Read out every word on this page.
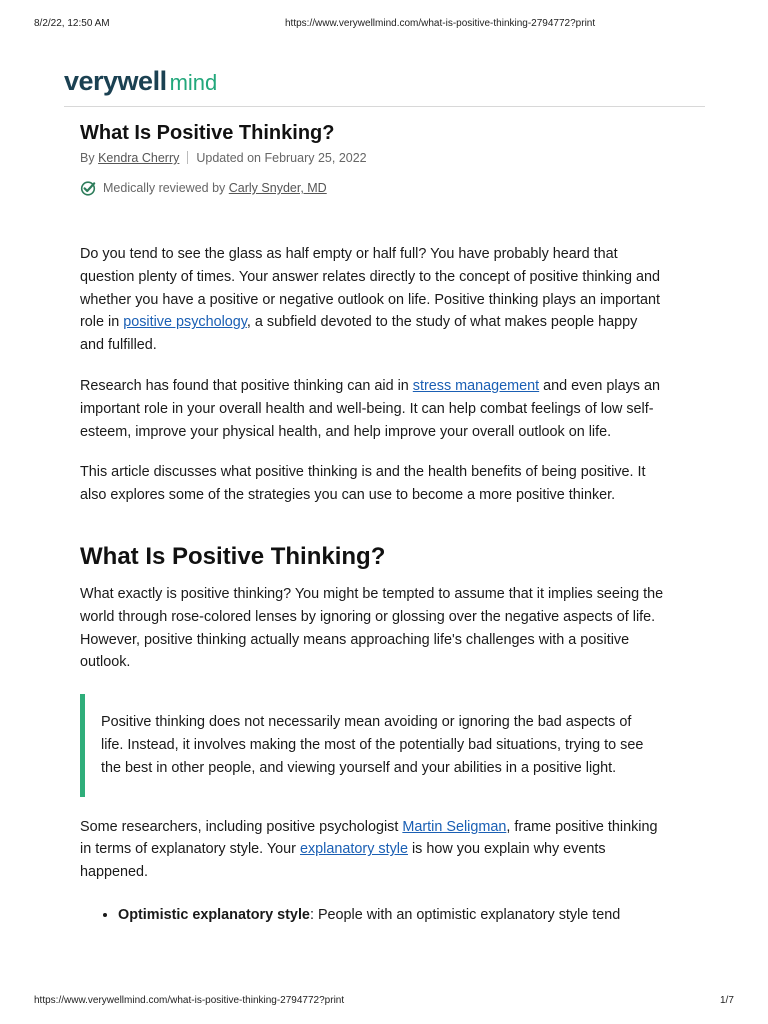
8/2/22, 12:50 AM	https://www.verywellmind.com/what-is-positive-thinking-2794772?print
verywell mind
What Is Positive Thinking?
By Kendra Cherry Updated on February 25, 2022
Medically reviewed by
Carly Snyder, MD

Do you tend to see the glass as half empty or half full? You have probably heard that question plenty of times. Your answer relates directly to the concept of positive thinking and whether you have a positive or negative outlook on life. Positive thinking plays an important role in positive psychology, a subfield devoted to the study of what makes people happy and fulfilled.

Research has found that positive thinking can aid in stress management and even plays an important role in your overall health and well-being. It can help combat feelings of low self-esteem, improve your physical health, and help improve your overall outlook on life.

This article discusses what positive thinking is and the health benefits of being positive. It also explores some of the strategies you can use to become a more positive thinker.

What Is Positive Thinking?

What exactly is positive thinking? You might be tempted to assume that it implies seeing the world through rose-colored lenses by ignoring or glossing over the negative aspects of life. However, positive thinking actually means approaching life's challenges with a positive outlook.

Positive thinking does not necessarily mean avoiding or ignoring the bad aspects of life. Instead, it involves making the most of the potentially bad situations, trying to see the best in other people, and viewing yourself and your abilities in a positive light.

Some researchers, including positive psychologist Martin Seligman, frame positive thinking in terms of explanatory style. Your explanatory style is how you explain why events happened.

• Optimistic explanatory style: People with an optimistic explanatory style tend
https://www.verywellmind.com/what-is-positive-thinking-2794772?print	1/7
